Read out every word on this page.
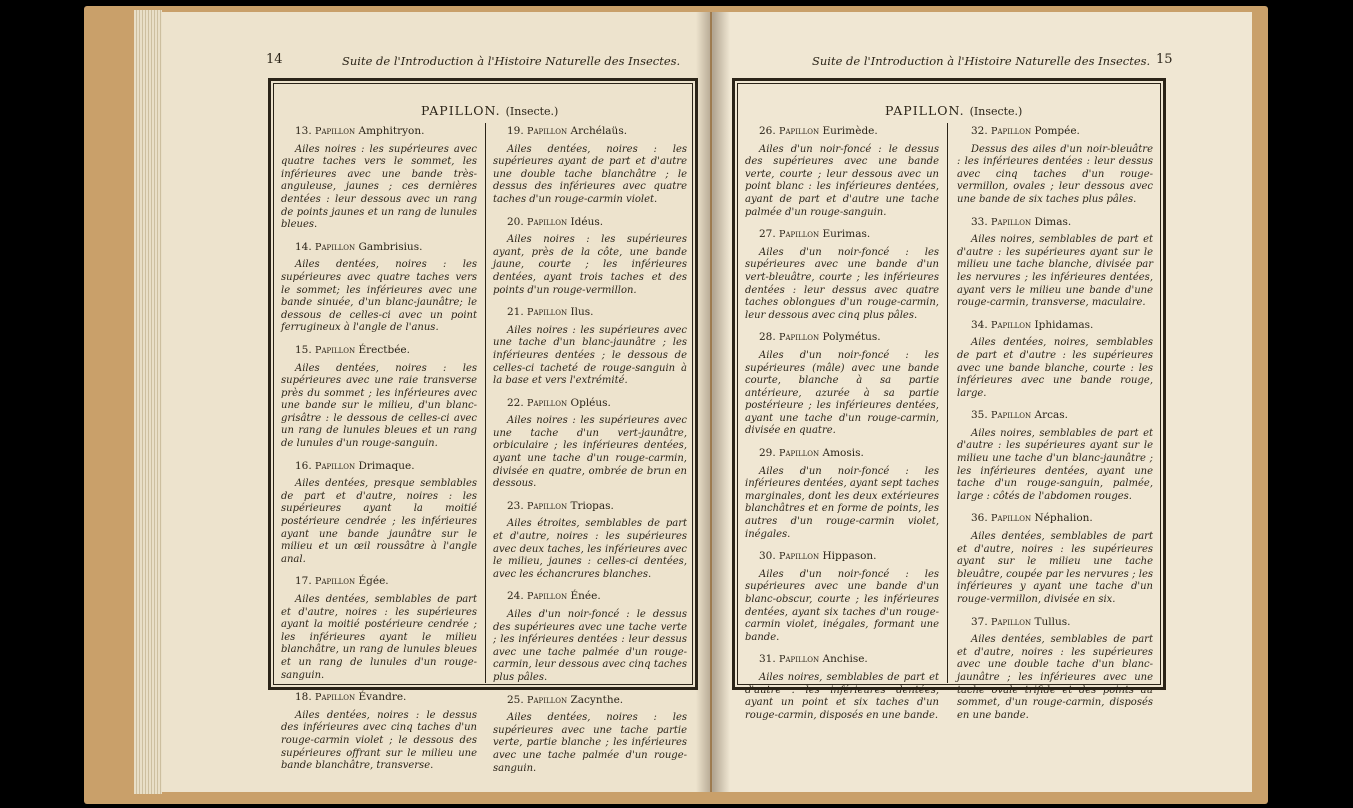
14	Suite de l'Introduction à l'Histoire Naturelle des Insectes.
PAPILLON. (Insecte.)
13. Papillon Amphitryon.
Ailes noires : les supérieures avec quatre taches vers le sommet, les inférieures avec une bande très-anguleuse, jaunes ; ces dernières dentées : leur dessous avec un rang de points jaunes et un rang de lunules bleues.
14. Papillon Gambrisius.
Ailes dentées, noires : les supérieures avec quatre taches vers le sommet; les inférieures avec une bande sinuée, d'un blanc-jaunâtre; le dessous de celles-ci avec un point ferrugineux à l'angle de l'anus.
15. Papillon Érectbée.
Ailes dentées, noires : les supérieures avec une raie transverse près du sommet ; les inférieures avec une bande sur le milieu, d'un blanc-grisâtre : le dessous de celles-ci avec un rang de lunules bleues et un rang de lunules d'un rouge-sanguin.
16. Papillon Drimaque.
Ailes dentées, presque semblables de part et d'autre, noires : les supérieures ayant la moitié postérieure cendrée ; les inférieures ayant une bande jaunâtre sur le milieu et un œil roussâtre à l'angle anal.
17. Papillon Égée.
Ailes dentées, semblables de part et d'autre, noires : les supérieures ayant la moitié postérieure cendrée ; les inférieures ayant le milieu blanchâtre, un rang de lunules bleues et un rang de lunules d'un rouge-sanguin.
18. Papillon Évandre.
Ailes dentées, noires : le dessus des inférieures avec cinq taches d'un rouge-carmin violet ; le dessous des supérieures offrant sur le milieu une bande blanchâtre, transverse.
19. Papillon Archélaüs.
Ailes dentées, noires : les supérieures ayant de part et d'autre une double tache blanchâtre ; le dessus des inférieures avec quatre taches d'un rouge-carmin violet.
20. Papillon Idéus.
Ailes noires : les supérieures ayant, près de la côte, une bande jaune, courte ; les inférieures dentées, ayant trois taches et des points d'un rouge-vermillon.
21. Papillon Ilus.
Ailes noires : les supérieures avec une tache d'un blanc-jaunâtre ; les inférieures dentées ; le dessous de celles-ci tacheté de rouge-sanguin à la base et vers l'extrémité.
22. Papillon Opléus.
Ailes noires : les supérieures avec une tache d'un vert-jaunâtre, orbiculaire ; les inférieures dentées, ayant une tache d'un rouge-carmin, divisée en quatre, ombrée de brun en dessous.
23. Papillon Triopas.
Ailes étroites, semblables de part et d'autre, noires : les supérieures avec deux taches, les inférieures avec le milieu, jaunes : celles-ci dentées, avec les échancrures blanches.
24. Papillon Énée.
Ailes d'un noir-foncé : le dessus des supérieures avec une tache verte ; les inférieures dentées : leur dessus avec une tache palmée d'un rouge-carmin, leur dessous avec cinq taches plus pâles.
25. Papillon Zacynthe.
Ailes dentées, noires : les supérieures avec une tache partie verte, partie blanche ; les inférieures avec une tache palmée d'un rouge-sanguin.
Suite de l'Introduction à l'Histoire Naturelle des Insectes. 15
PAPILLON. (Insecte.)
26. Papillon Eurimède.
Ailes d'un noir-foncé : le dessus des supérieures avec une bande verte, courte ; leur dessous avec un point blanc : les inférieures dentées, ayant de part et d'autre une tache palmée d'un rouge-sanguin.
27. Papillon Eurimas.
Ailes d'un noir-foncé : les supérieures avec une bande d'un vert-bleuâtre, courte ; les inférieures dentées : leur dessus avec quatre taches oblongues d'un rouge-carmin, leur dessous avec cinq plus pâles.
28. Papillon Polymétus.
Ailes d'un noir-foncé : les supérieures (mâle) avec une bande courte, blanche à sa partie antérieure, azurée à sa partie postérieure ; les inférieures dentées, ayant une tache d'un rouge-carmin, divisée en quatre.
29. Papillon Amosis.
Ailes d'un noir-foncé : les inférieures dentées, ayant sept taches marginales, dont les deux extérieures blanchâtres et en forme de points, les autres d'un rouge-carmin violet, inégales.
30. Papillon Hippason.
Ailes d'un noir-foncé : les supérieures avec une bande d'un blanc-obscur, courte ; les inférieures dentées, ayant six taches d'un rouge-carmin violet, inégales, formant une bande.
31. Papillon Anchise.
Ailes noires, semblables de part et d'autre : les inférieures dentées, ayant un point et six taches d'un rouge-carmin, disposés en une bande.
32. Papillon Pompée.
Dessus des ailes d'un noir-bleuâtre : les inférieures dentées : leur dessus avec cinq taches d'un rouge-vermillon, ovales ; leur dessous avec une bande de six taches plus pâles.
33. Papillon Dimas.
Ailes noires, semblables de part et d'autre : les supérieures ayant sur le milieu une tache blanche, divisée par les nervures ; les inférieures dentées, ayant vers le milieu une bande d'une rouge-carmin, transverse, maculaire.
34. Papillon Iphidamas.
Ailes dentées, noires, semblables de part et d'autre : les supérieures avec une bande blanche, courte : les inférieures avec une bande rouge, large.
35. Papillon Arcas.
Ailes noires, semblables de part et d'autre : les supérieures ayant sur le milieu une tache d'un blanc-jaunâtre ; les inférieures dentées, ayant une tache d'un rouge-sanguin, palmée, large : côtés de l'abdomen rouges.
36. Papillon Néphalion.
Ailes dentées, semblables de part et d'autre, noires : les supérieures ayant sur le milieu une tache bleuâtre, coupée par les nervures ; les inférieures y ayant une tache d'un rouge-vermillon, divisée en six.
37. Papillon Tullus.
Ailes dentées, semblables de part et d'autre, noires : les supérieures avec une double tache d'un blanc-jaunâtre ; les inférieures avec une tache ovale trifide et des points au sommet, d'un rouge-carmin, disposés en une bande.
